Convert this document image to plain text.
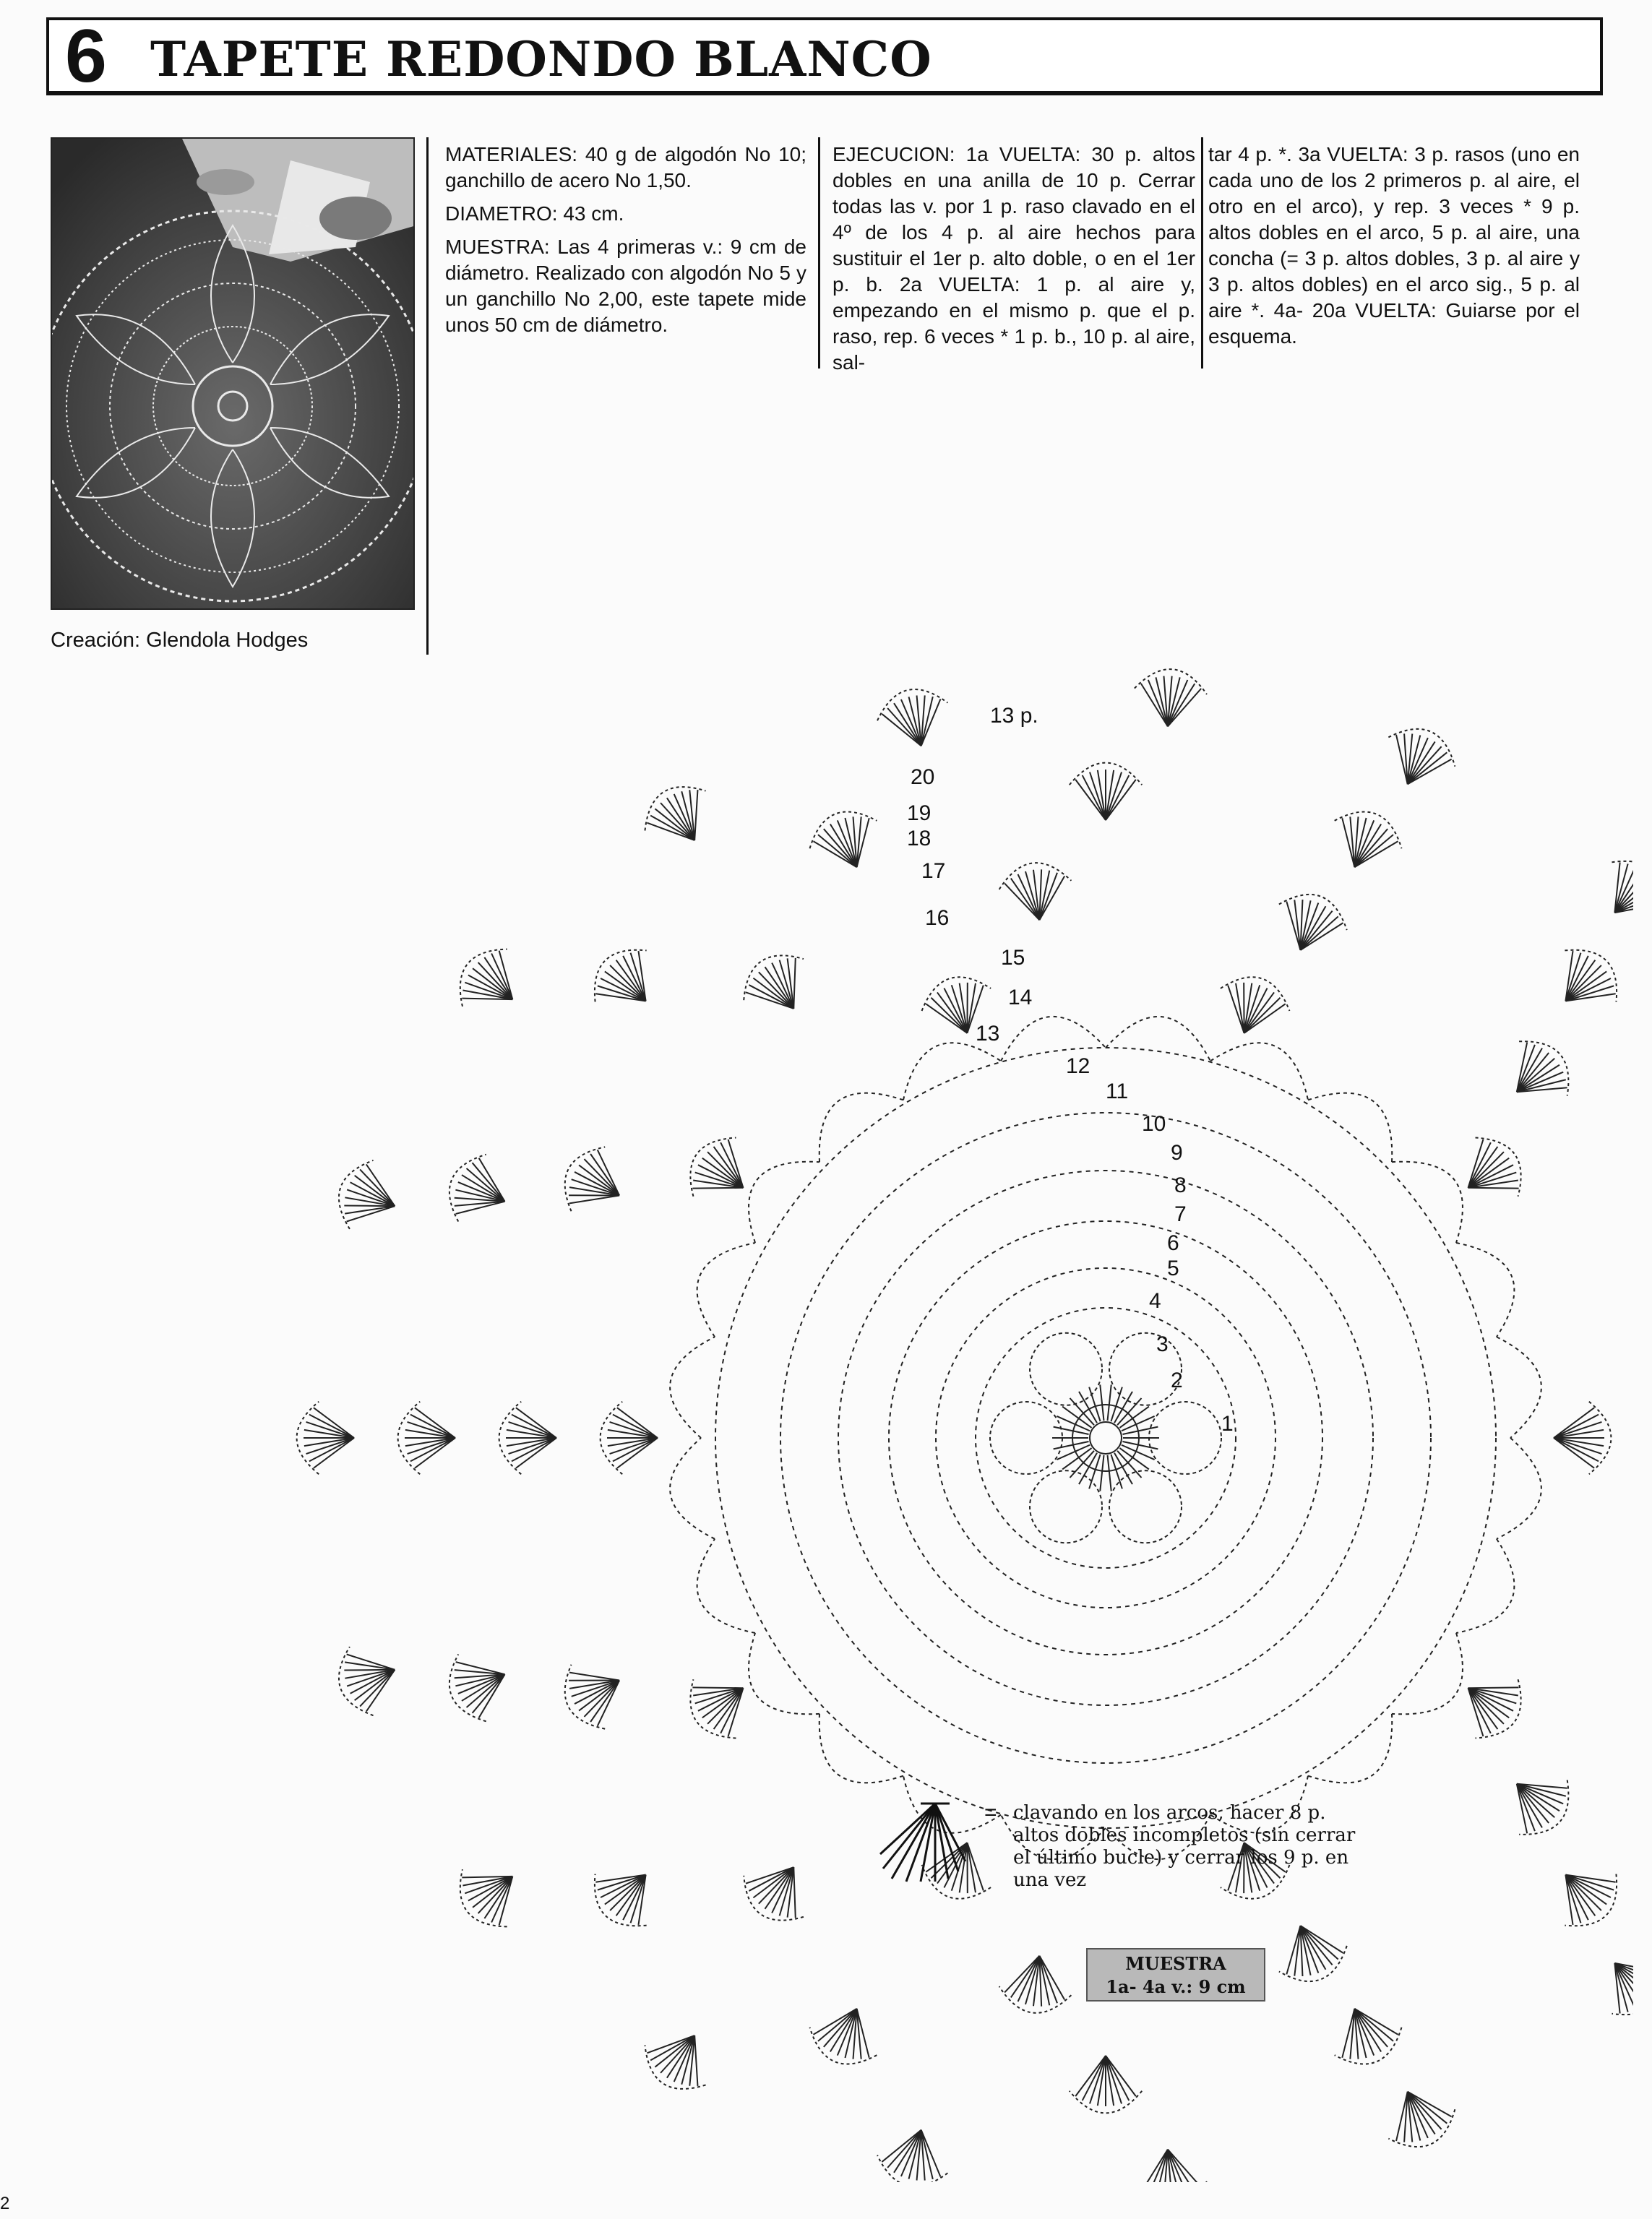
6 TAPETE REDONDO BLANCO
Creación: Glendola Hodges

MATERIALES: 40 g de algodón No 10; ganchillo de acero No 1,50.

DIAMETRO: 43 cm.

MUESTRA: Las 4 primeras v.: 9 cm de diámetro. Realizado con algodón No 5 y un ganchillo No 2,00, este tapete mide unos 50 cm de diámetro.

EJECUCION: 1a VUELTA: 30 p. altos dobles en una anilla de 10 p. Cerrar todas las v. por 1 p. raso clavado en el 4º de los 4 p. al aire hechos para sustituir el 1er p. alto doble, o en el 1er p. b. 2a VUELTA: 1 p. al aire y, empezando en el mismo p. que el p. raso, rep. 6 veces * 1 p. b., 10 p. al aire, sal-

tar 4 p. *. 3a VUELTA: 3 p. rasos (uno en cada uno de los 2 primeros p. al aire, el otro en el arco), y rep. 3 veces * 9 p. altos dobles en el arco, 5 p. al aire, una concha (= 3 p. altos dobles, 3 p. al aire y 3 p. altos dobles) en el arco sig., 5 p. al aire *. 4a- 20a VUELTA: Guiarse por el esquema.

1
2
3
4
5
6
7
8
9
10
11
12
13
14
15
16
17
18
19
20
13 p.
= clavando en los arcos, hacer 8 p. altos dobles incompletos (sin cerrar el último bucle) y cerrar los 9 p. en una vez
MUESTRA
1a- 4a v.: 9 cm
2
